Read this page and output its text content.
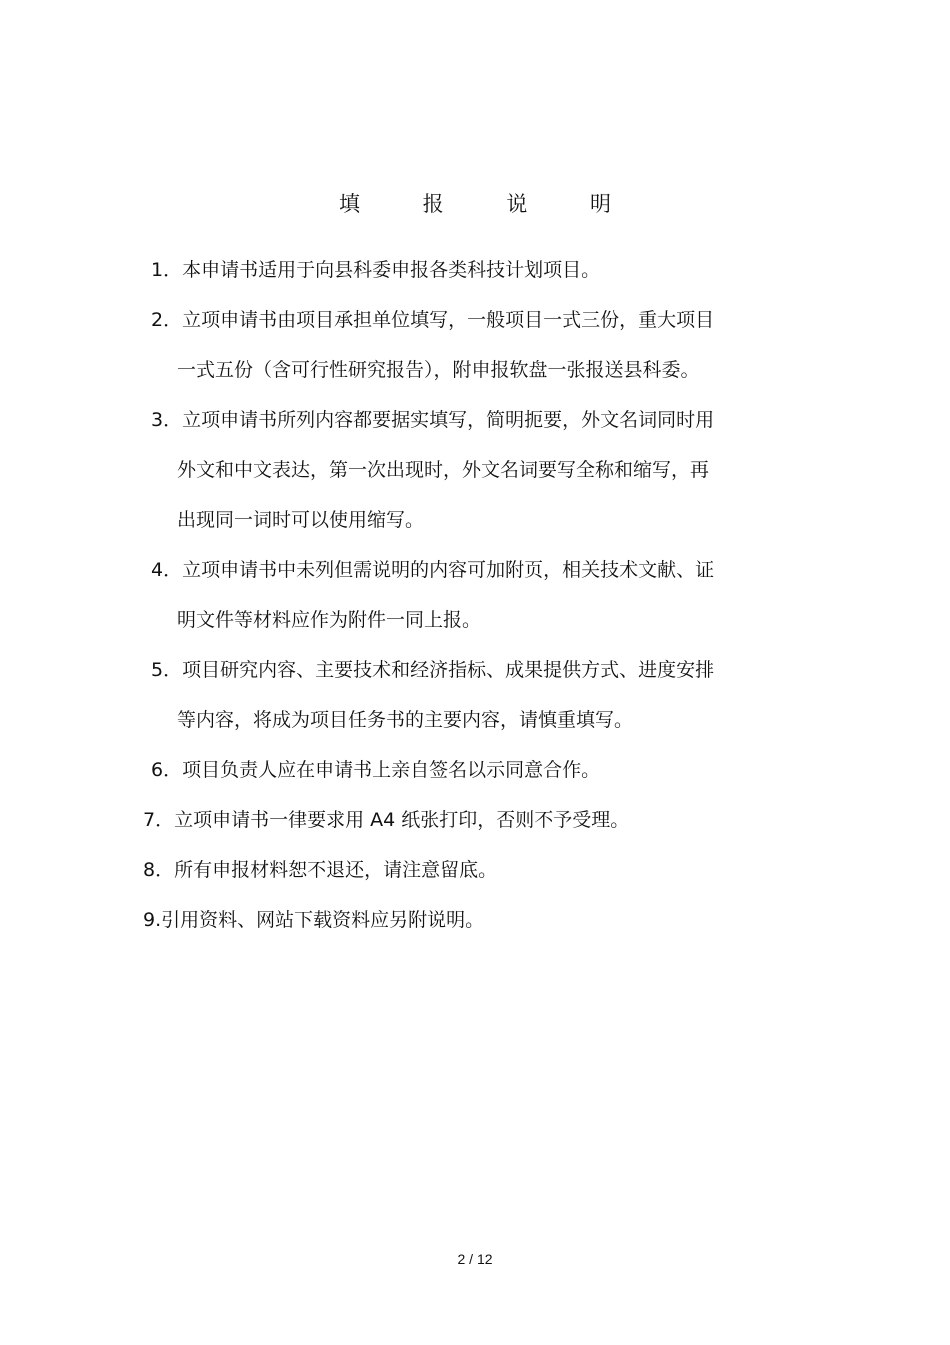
填 报 说 明
1．本申请书适用于向县科委申报各类科技计划项目。
2．立项申请书由项目承担单位填写，一般项目一式三份，重大项目
一式五份（含可行性研究报告），附申报软盘一张报送县科委。
3．立项申请书所列内容都要据实填写，简明扼要，外文名词同时用
外文和中文表达，第一次出现时，外文名词要写全称和缩写，再
出现同一词时可以使用缩写。
4．立项申请书中未列但需说明的内容可加附页，相关技术文献、证
明文件等材料应作为附件一同上报。
5．项目研究内容、主要技术和经济指标、成果提供方式、进度安排
等内容，将成为项目任务书的主要内容，请慎重填写。
6．项目负责人应在申请书上亲自签名以示同意合作。
7．立项申请书一律要求用 A4 纸张打印，否则不予受理。
8．所有申报材料恕不退还，请注意留底。
9.引用资料、网站下载资料应另附说明。
2 / 12
